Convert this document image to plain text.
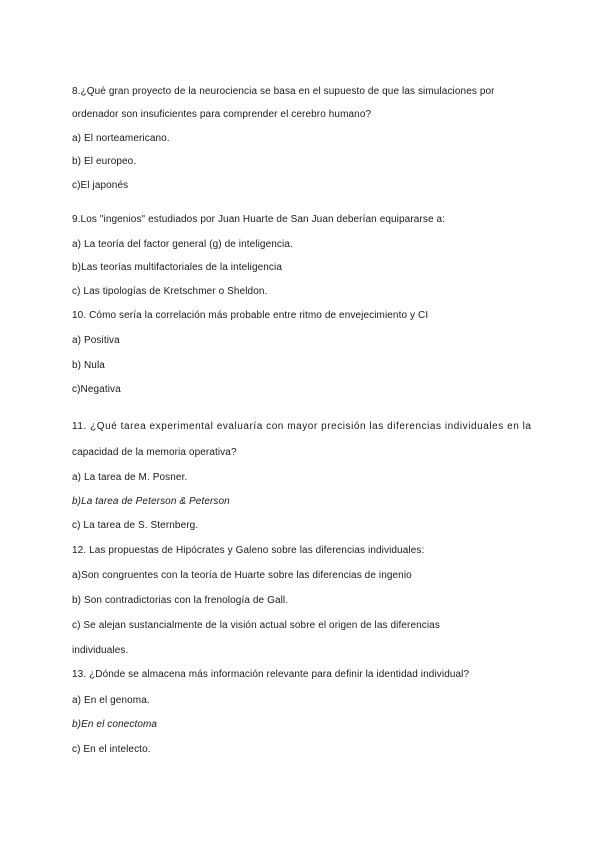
8.¿Qué gran proyecto de la neurociencia se basa en el supuesto de que las simulaciones por
ordenador son insuficientes para comprender el cerebro humano?
a) El norteamericano.
b) El europeo.
c)El japonés
9.Los "ingenios" estudiados por Juan Huarte de San Juan deberían equipararse a:
a) La teoría del factor general (g) de inteligencia.
b)Las teorías multifactoriales de la inteligencia
c) Las tipologías de Kretschmer o Sheldon.
10. Cómo sería la correlación más probable entre ritmo de envejecimiento y CI
a) Positiva
b) Nula
c)Negativa
11. ¿Qué tarea experimental evaluaría con mayor precisión las diferencias individuales en la
capacidad de la memoria operativa?
a) La tarea de M. Posner.
b)La tarea de Peterson & Peterson
c) La tarea de S. Sternberg.
12. Las propuestas de Hipócrates y Galeno sobre las diferencias individuales:
a)Son congruentes con la teoría de Huarte sobre las diferencias de ingenio
b) Son contradictorias con la frenología de Gall.
c) Se alejan sustancialmente de la visión actual sobre el origen de las diferencias
individuales.
13. ¿Dónde se almacena más información relevante para definir la identidad individual?
a) En el genoma.
b)En el conectoma
c) En el intelecto.
